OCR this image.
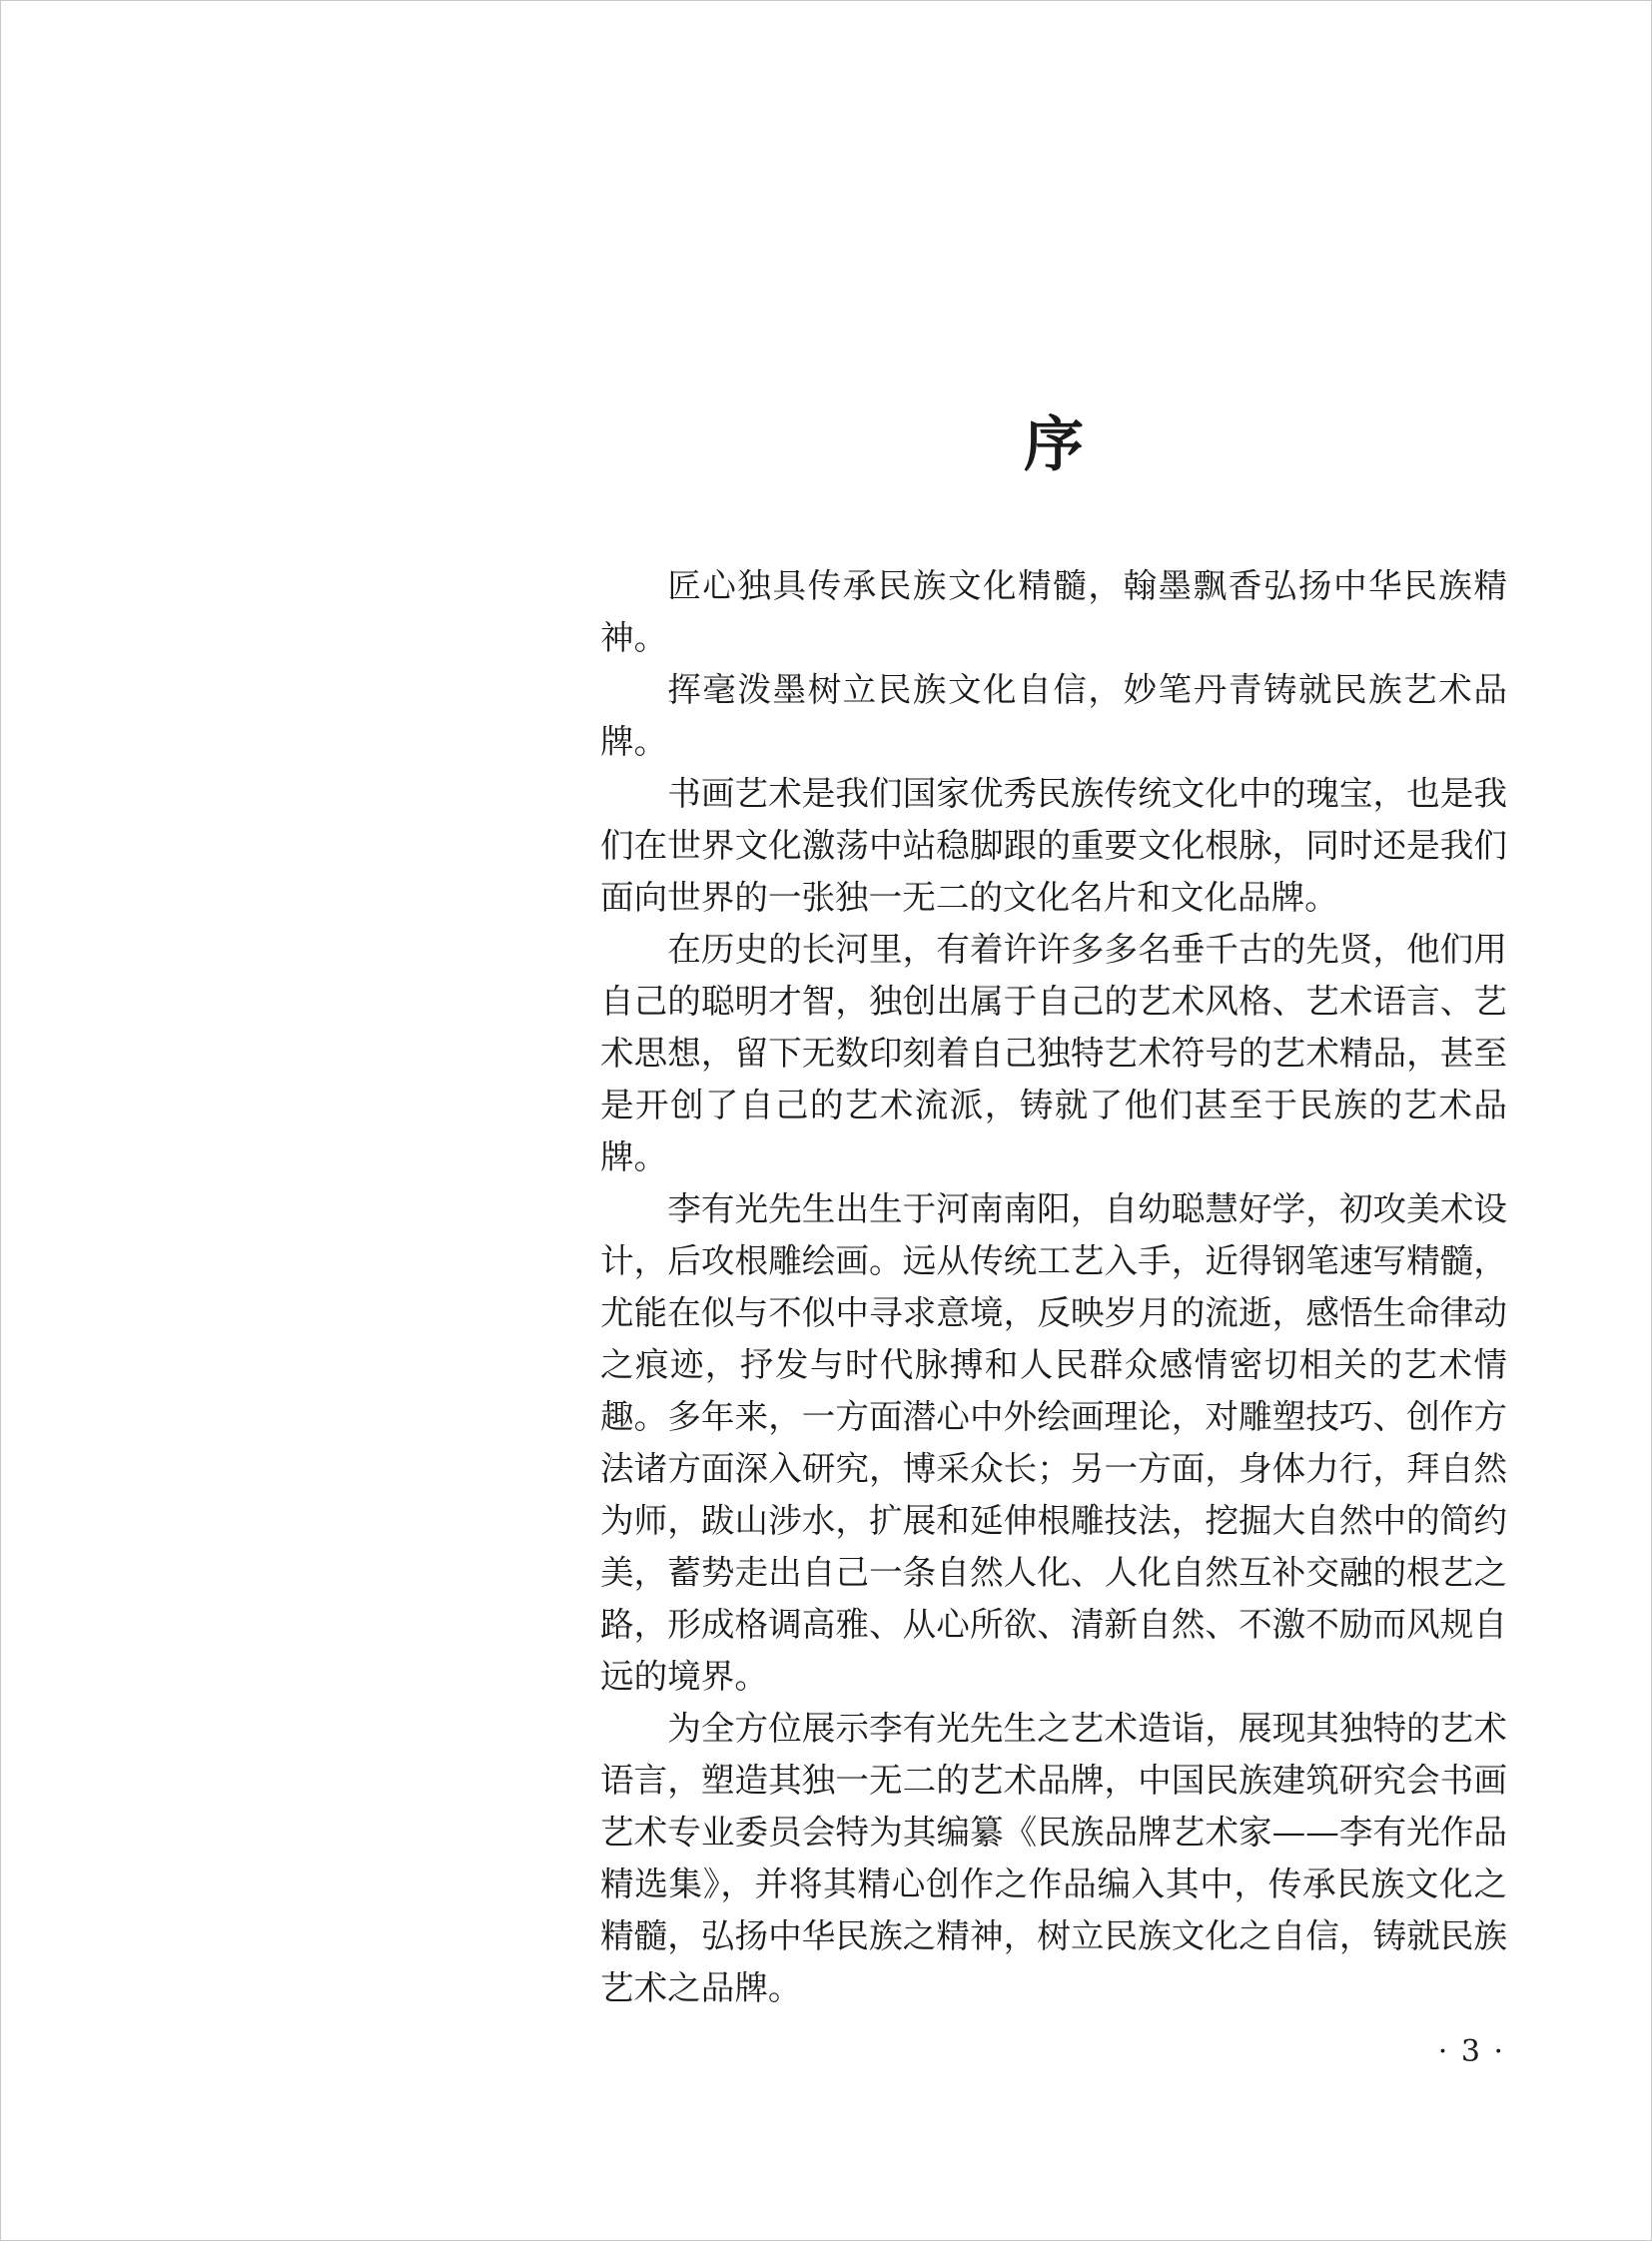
序

匠心独具传承民族文化精髓，翰墨飘香弘扬中华民族精神。

挥毫泼墨树立民族文化自信，妙笔丹青铸就民族艺术品牌。

书画艺术是我们国家优秀民族传统文化中的瑰宝，也是我们在世界文化激荡中站稳脚跟的重要文化根脉，同时还是我们面向世界的一张独一无二的文化名片和文化品牌。

在历史的长河里，有着许许多多名垂千古的先贤，他们用自己的聪明才智，独创出属于自己的艺术风格、艺术语言、艺术思想，留下无数印刻着自己独特艺术符号的艺术精品，甚至是开创了自己的艺术流派，铸就了他们甚至于民族的艺术品牌。

李有光先生出生于河南南阳，自幼聪慧好学，初攻美术设计，后攻根雕绘画。远从传统工艺入手，近得钢笔速写精髓，尤能在似与不似中寻求意境，反映岁月的流逝，感悟生命律动之痕迹，抒发与时代脉搏和人民群众感情密切相关的艺术情趣。多年来，一方面潜心中外绘画理论，对雕塑技巧、创作方法诸方面深入研究，博采众长；另一方面，身体力行，拜自然为师，跋山涉水，扩展和延伸根雕技法，挖掘大自然中的简约美，蓄势走出自己一条自然人化、人化自然互补交融的根艺之路，形成格调高雅、从心所欲、清新自然、不激不励而风规自远的境界。

为全方位展示李有光先生之艺术造诣，展现其独特的艺术语言，塑造其独一无二的艺术品牌，中国民族建筑研究会书画艺术专业委员会特为其编纂《民族品牌艺术家——李有光作品精选集》，并将其精心创作之作品编入其中，传承民族文化之精髓，弘扬中华民族之精神，树立民族文化之自信，铸就民族艺术之品牌。

· 3 ·
